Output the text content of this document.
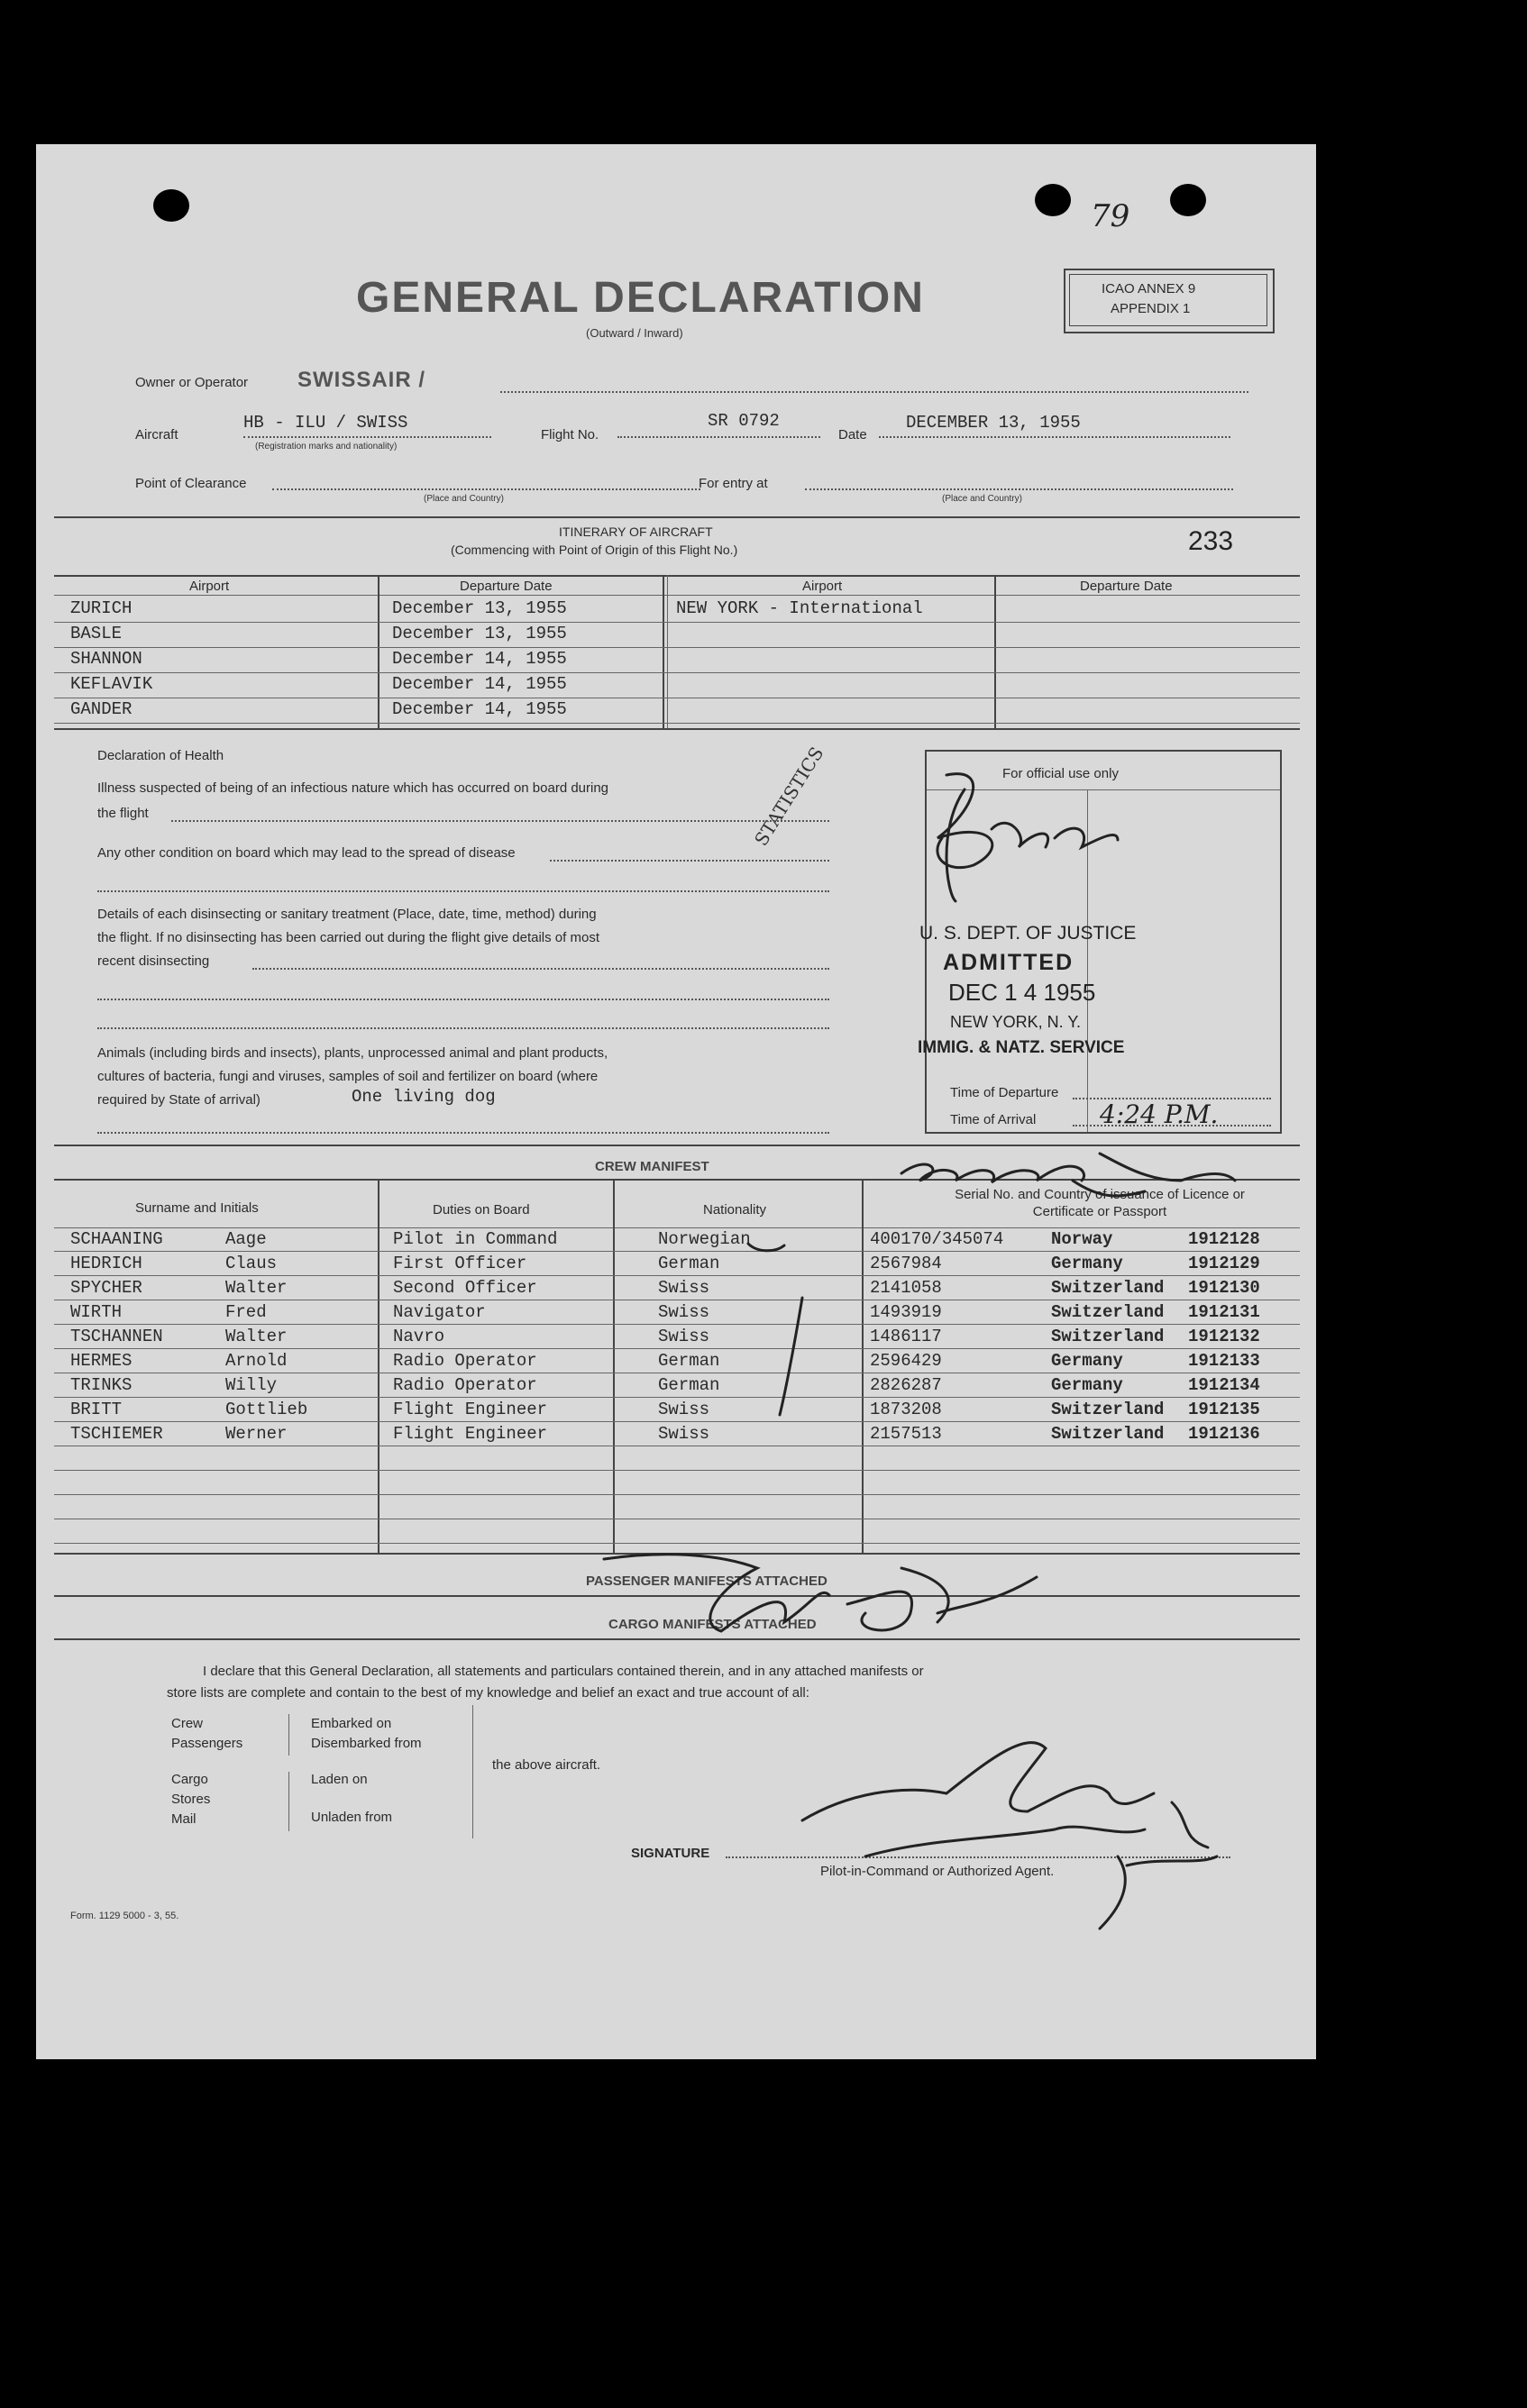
79
GENERAL DECLARATION
(Outward / Inward)
ICAO ANNEX 9
APPENDIX 1
Owner or Operator SWISSAIR /
Aircraft
HB - ILU / SWISS
(Registration marks and nationality)
Flight No.
SR 0792
Date
DECEMBER 13, 1955
Point of Clearance
(Place and Country)
For entry at
(Place and Country)
ITINERARY OF AIRCRAFT
(Commencing with Point of Origin of this Flight No.)	233
Airport	Departure Date	Airport	Departure Date
ZURICH	December 13, 1955	NEW YORK - International
BASLE	December 13, 1955
SHANNON	December 14, 1955
KEFLAVIK	December 14, 1955
GANDER	December 14, 1955
STATISTICS
Declaration of Health
Illness suspected of being of an infectious nature which has occurred on board during
the flight
Any other condition on board which may lead to the spread of disease
Details of each disinsecting or sanitary treatment (Place, date, time, method) during
the flight. If no disinsecting has been carried out during the flight give details of most
recent disinsecting
Animals (including birds and insects), plants, unprocessed animal and plant products,
cultures of bacteria, fungi and viruses, samples of soil and fertilizer on board (where
required by State of arrival)	One living dog
For official use only
U. S. DEPT. OF JUSTICE
ADMITTED
DEC 1 4 1955
NEW YORK, N. Y.
IMMIG. & NATZ. SERVICE
Time of Departure
Time of Arrival	4:24 P.M.
CREW MANIFEST
Surname and Initials	Duties on Board	Nationality
Serial No. and Country of issuance of Licence or Certificate or Passport
SCHAANING	Aage	Pilot in Command	Norwegian	400170/345074	Norway	1912128
HEDRICH	Claus	First Officer	German	2567984	Germany	1912129
SPYCHER	Walter	Second Officer	Swiss	2141058	Switzerland 1912130
WIRTH	Fred	Navigator	Swiss	1493919	Switzerland 1912131
TSCHANNEN	Walter	Navro	Swiss	1486117	Switzerland 1912132
HERMES	Arnold	Radio Operator	German	2596429	Germany	1912133
TRINKS	Willy	Radio Operator	German	2826287	Germany	1912134
BRITT	Gottlieb	Flight Engineer	Swiss	1873208	Switzerland 1912135
TSCHIEMER	Werner	Flight Engineer	Swiss	2157513	Switzerland 1912136
PASSENGER MANIFESTS ATTACHED
CARGO MANIFESTS ATTACHED
I declare that this General Declaration, all statements and particulars contained therein, and in any attached manifests or
store lists are complete and contain to the best of my knowledge and belief an exact and true account of all:
Crew
Passengers
Embarked on
Disembarked from
Cargo
Stores
Mail
Laden on
Unladen from
the above aircraft.
SIGNATURE
Pilot-in-Command or Authorized Agent.
Form. 1129 5000 - 3, 55.
